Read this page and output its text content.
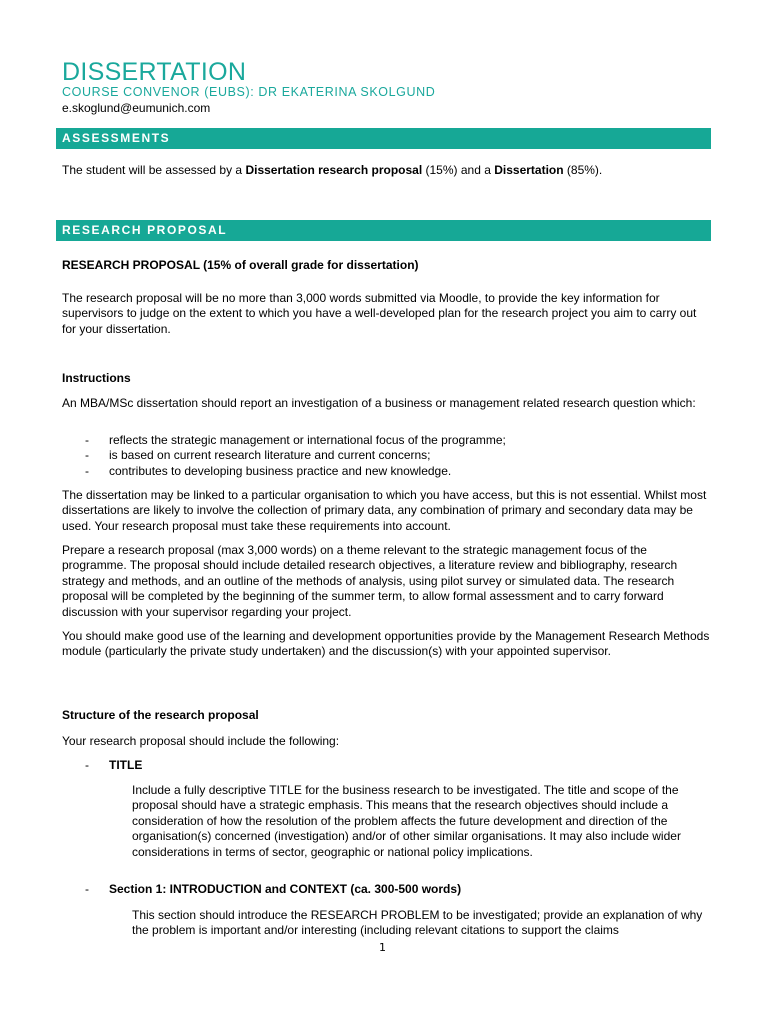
DISSERTATION
COURSE CONVENOR (EUBS): DR EKATERINA SKOLGUND
e.skoglund@eumunich.com
ASSESSMENTS

The student will be assessed by a Dissertation research proposal (15%) and a Dissertation (85%).

RESEARCH PROPOSAL

RESEARCH PROPOSAL (15% of overall grade for dissertation)

The research proposal will be no more than 3,000 words submitted via Moodle, to provide the key information for supervisors to judge on the extent to which you have a well-developed plan for the research project you aim to carry out for your dissertation.

Instructions

An MBA/MSc dissertation should report an investigation of a business or management related research question which:

- reflects the strategic management or international focus of the programme;
- is based on current research literature and current concerns;
- contributes to developing business practice and new knowledge.

The dissertation may be linked to a particular organisation to which you have access, but this is not essential. Whilst most dissertations are likely to involve the collection of primary data, any combination of primary and secondary data may be used. Your research proposal must take these requirements into account.

Prepare a research proposal (max 3,000 words) on a theme relevant to the strategic management focus of the programme. The proposal should include detailed research objectives, a literature review and bibliography, research strategy and methods, and an outline of the methods of analysis, using pilot survey or simulated data. The research proposal will be completed by the beginning of the summer term, to allow formal assessment and to carry forward discussion with your supervisor regarding your project.

You should make good use of the learning and development opportunities provide by the Management Research Methods module (particularly the private study undertaken) and the discussion(s) with your appointed supervisor.

Structure of the research proposal

Your research proposal should include the following:

- TITLE

Include a fully descriptive TITLE for the business research to be investigated. The title and scope of the proposal should have a strategic emphasis. This means that the research objectives should include a consideration of how the resolution of the problem affects the future development and direction of the organisation(s) concerned (investigation) and/or of other similar organisations. It may also include wider considerations in terms of sector, geographic or national policy implications.

- Section 1: INTRODUCTION and CONTEXT (ca. 300-500 words)

This section should introduce the RESEARCH PROBLEM to be investigated; provide an explanation of why the problem is important and/or interesting (including relevant citations to support the claims

1
